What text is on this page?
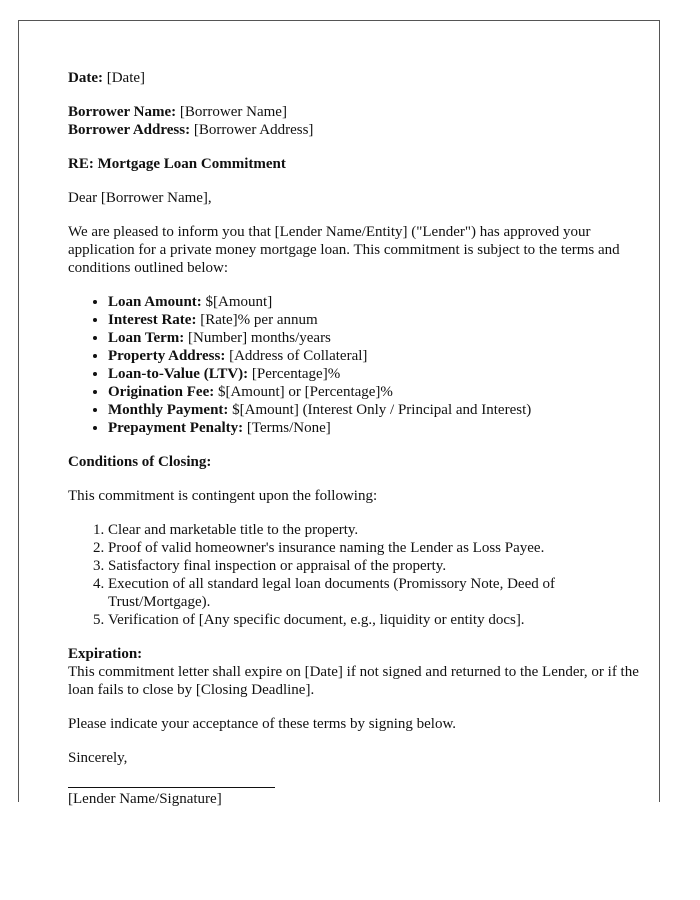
Date: [Date]

Borrower Name: [Borrower Name]
Borrower Address: [Borrower Address]

RE: Mortgage Loan Commitment

Dear [Borrower Name],

We are pleased to inform you that [Lender Name/Entity] ("Lender") has approved your application for a private money mortgage loan. This commitment is subject to the terms and conditions outlined below:

• Loan Amount: $[Amount]
• Interest Rate: [Rate]% per annum
• Loan Term: [Number] months/years
• Property Address: [Address of Collateral]
• Loan-to-Value (LTV): [Percentage]%
• Origination Fee: $[Amount] or [Percentage]%
• Monthly Payment: $[Amount] (Interest Only / Principal and Interest)
• Prepayment Penalty: [Terms/None]

Conditions of Closing:

This commitment is contingent upon the following:

1. Clear and marketable title to the property.
2. Proof of valid homeowner's insurance naming the Lender as Loss Payee.
3. Satisfactory final inspection or appraisal of the property.
4. Execution of all standard legal loan documents (Promissory Note, Deed of Trust/Mortgage).
5. Verification of [Any specific document, e.g., liquidity or entity docs].

Expiration:
This commitment letter shall expire on [Date] if not signed and returned to the Lender, or if the loan fails to close by [Closing Deadline].

Please indicate your acceptance of these terms by signing below.

Sincerely,

[Lender Name/Signature]
